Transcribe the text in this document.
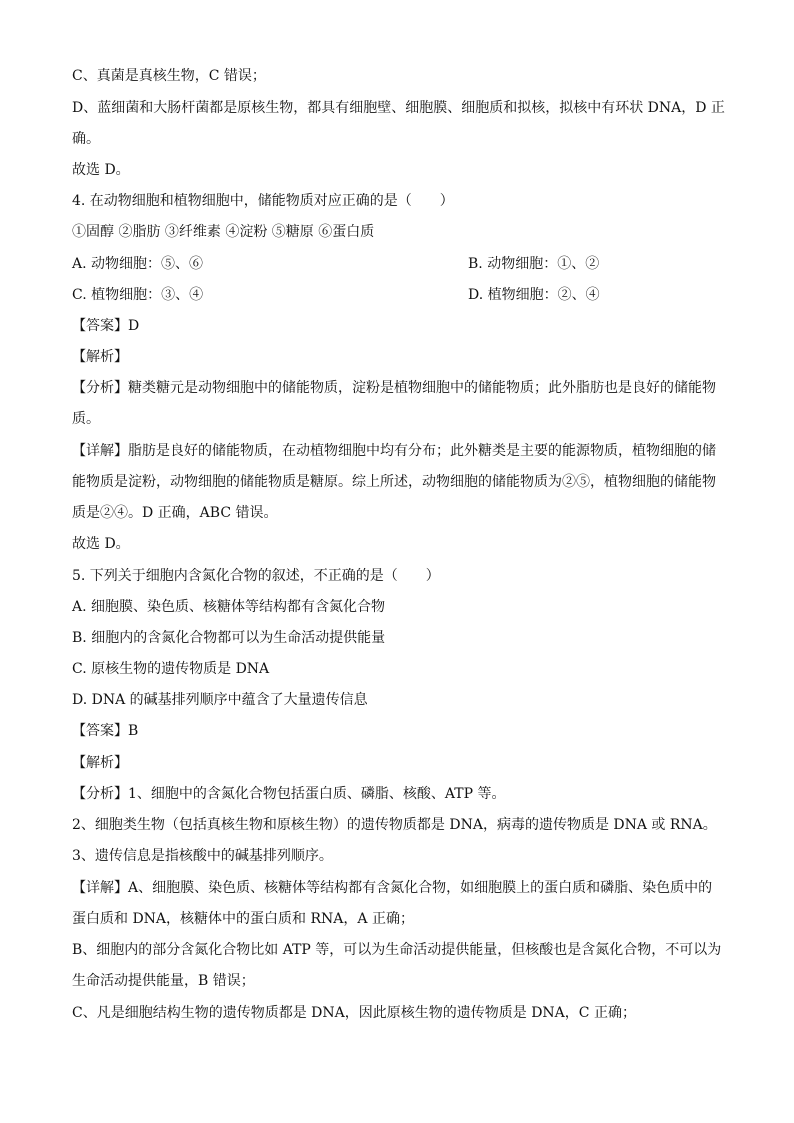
C、真菌是真核生物，C 错误；
D、蓝细菌和大肠杆菌都是原核生物，都具有细胞壁、细胞膜、细胞质和拟核，拟核中有环状 DNA，D 正
确。
故选 D。
4. 在动物细胞和植物细胞中，储能物质对应正确的是（　　）
①固醇 ②脂肪 ③纤维素 ④淀粉 ⑤糖原 ⑥蛋白质
A. 动物细胞：⑤、⑥	B. 动物细胞：①、②
C. 植物细胞：③、④	D. 植物细胞：②、④
【答案】D
【解析】
【分析】糖类糖元是动物细胞中的储能物质，淀粉是植物细胞中的储能物质；此外脂肪也是良好的储能物
质。
【详解】脂肪是良好的储能物质，在动植物细胞中均有分布；此外糖类是主要的能源物质，植物细胞的储
能物质是淀粉，动物细胞的储能物质是糖原。综上所述，动物细胞的储能物质为②⑤，植物细胞的储能物
质是②④。D 正确，ABC 错误。
故选 D。
5. 下列关于细胞内含氮化合物的叙述，不正确的是（　　）
A. 细胞膜、染色质、核糖体等结构都有含氮化合物
B. 细胞内的含氮化合物都可以为生命活动提供能量
C. 原核生物的遗传物质是 DNA
D. DNA 的碱基排列顺序中蕴含了大量遗传信息
【答案】B
【解析】
【分析】1、细胞中的含氮化合物包括蛋白质、磷脂、核酸、ATP 等。
2、细胞类生物（包括真核生物和原核生物）的遗传物质都是 DNA，病毒的遗传物质是 DNA 或 RNA。
3、遗传信息是指核酸中的碱基排列顺序。
【详解】A、细胞膜、染色质、核糖体等结构都有含氮化合物，如细胞膜上的蛋白质和磷脂、染色质中的
蛋白质和 DNA，核糖体中的蛋白质和 RNA，A 正确；
B、细胞内的部分含氮化合物比如 ATP 等，可以为生命活动提供能量，但核酸也是含氮化合物，不可以为
生命活动提供能量，B 错误；
C、凡是细胞结构生物的遗传物质都是 DNA，因此原核生物的遗传物质是 DNA，C 正确；
